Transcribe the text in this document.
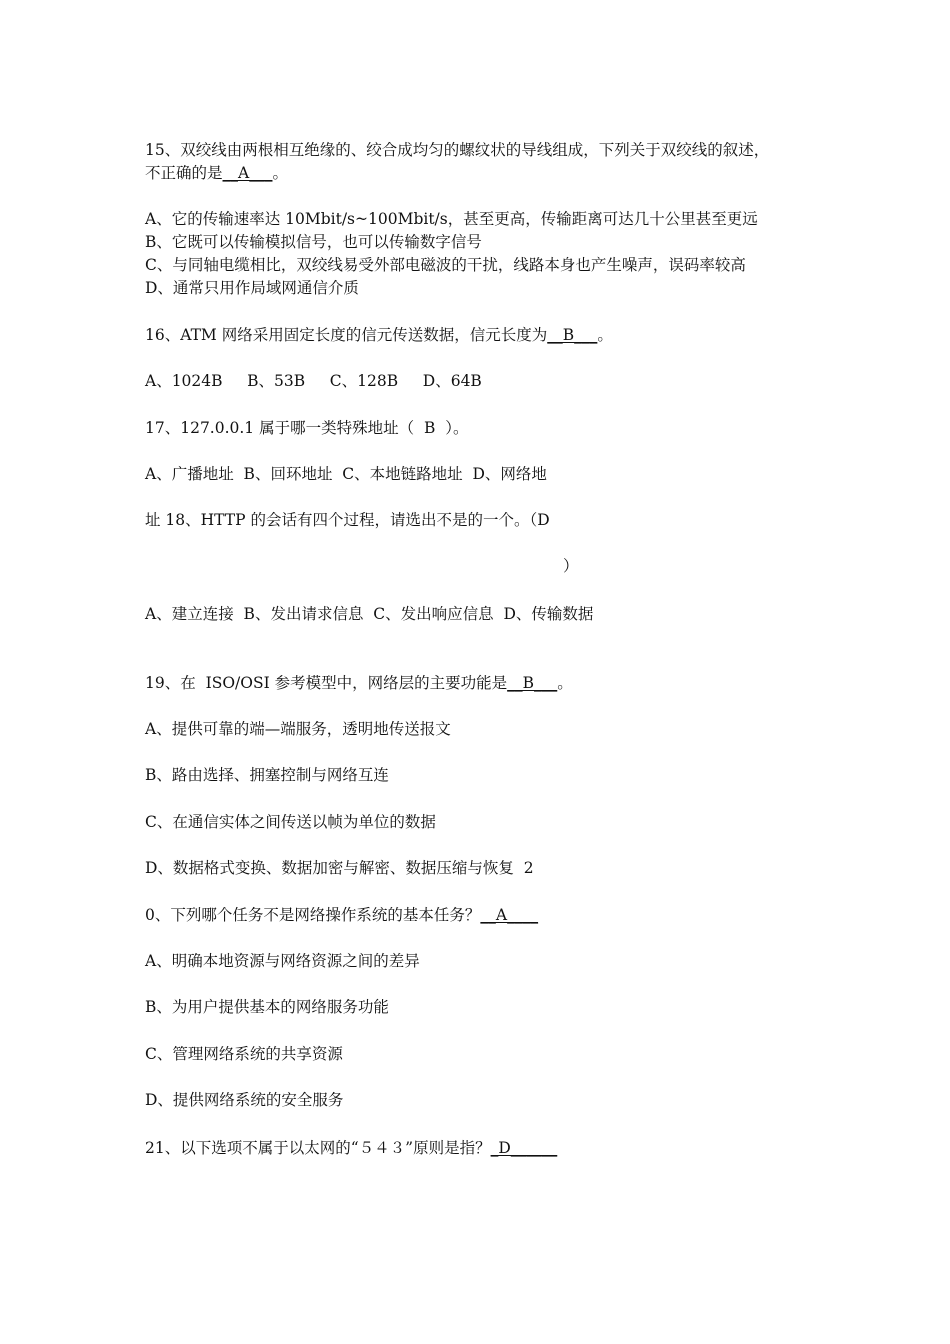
15、双绞线由两根相互绝缘的、绞合成均匀的螺纹状的导线组成，下列关于双绞线的叙述，

不正确的是__A___。

A、它的传输速率达 10Mbit/s~100Mbit/s，甚至更高，传输距离可达几十公里甚至更远

B、它既可以传输模拟信号，也可以传输数字信号

C、与同轴电缆相比，双绞线易受外部电磁波的干扰，线路本身也产生噪声，误码率较高

D、通常只用作局域网通信介质

16、ATM 网络采用固定长度的信元传送数据，信元长度为__B___。

A、1024B     B、53B     C、128B     D、64B

17、127.0.0.1 属于哪一类特殊地址（  B  ）。

A、广播地址  B、回环地址  C、本地链路地址  D、网络地

址 18、HTTP 的会话有四个过程，请选出不是的一个。（D

）

A、建立连接  B、发出请求信息  C、发出响应信息  D、传输数据

19、在  ISO/OSI 参考模型中，网络层的主要功能是__B___。

A、提供可靠的端—端服务，透明地传送报文

B、路由选择、拥塞控制与网络互连

C、在通信实体之间传送以帧为单位的数据

D、数据格式变换、数据加密与解密、数据压缩与恢复  2

0、下列哪个任务不是网络操作系统的基本任务？__A____

A、明确本地资源与网络资源之间的差异

B、为用户提供基本的网络服务功能

C、管理网络系统的共享资源

D、提供网络系统的安全服务

21、以下选项不属于以太网的“５４３”原则是指？_D______
